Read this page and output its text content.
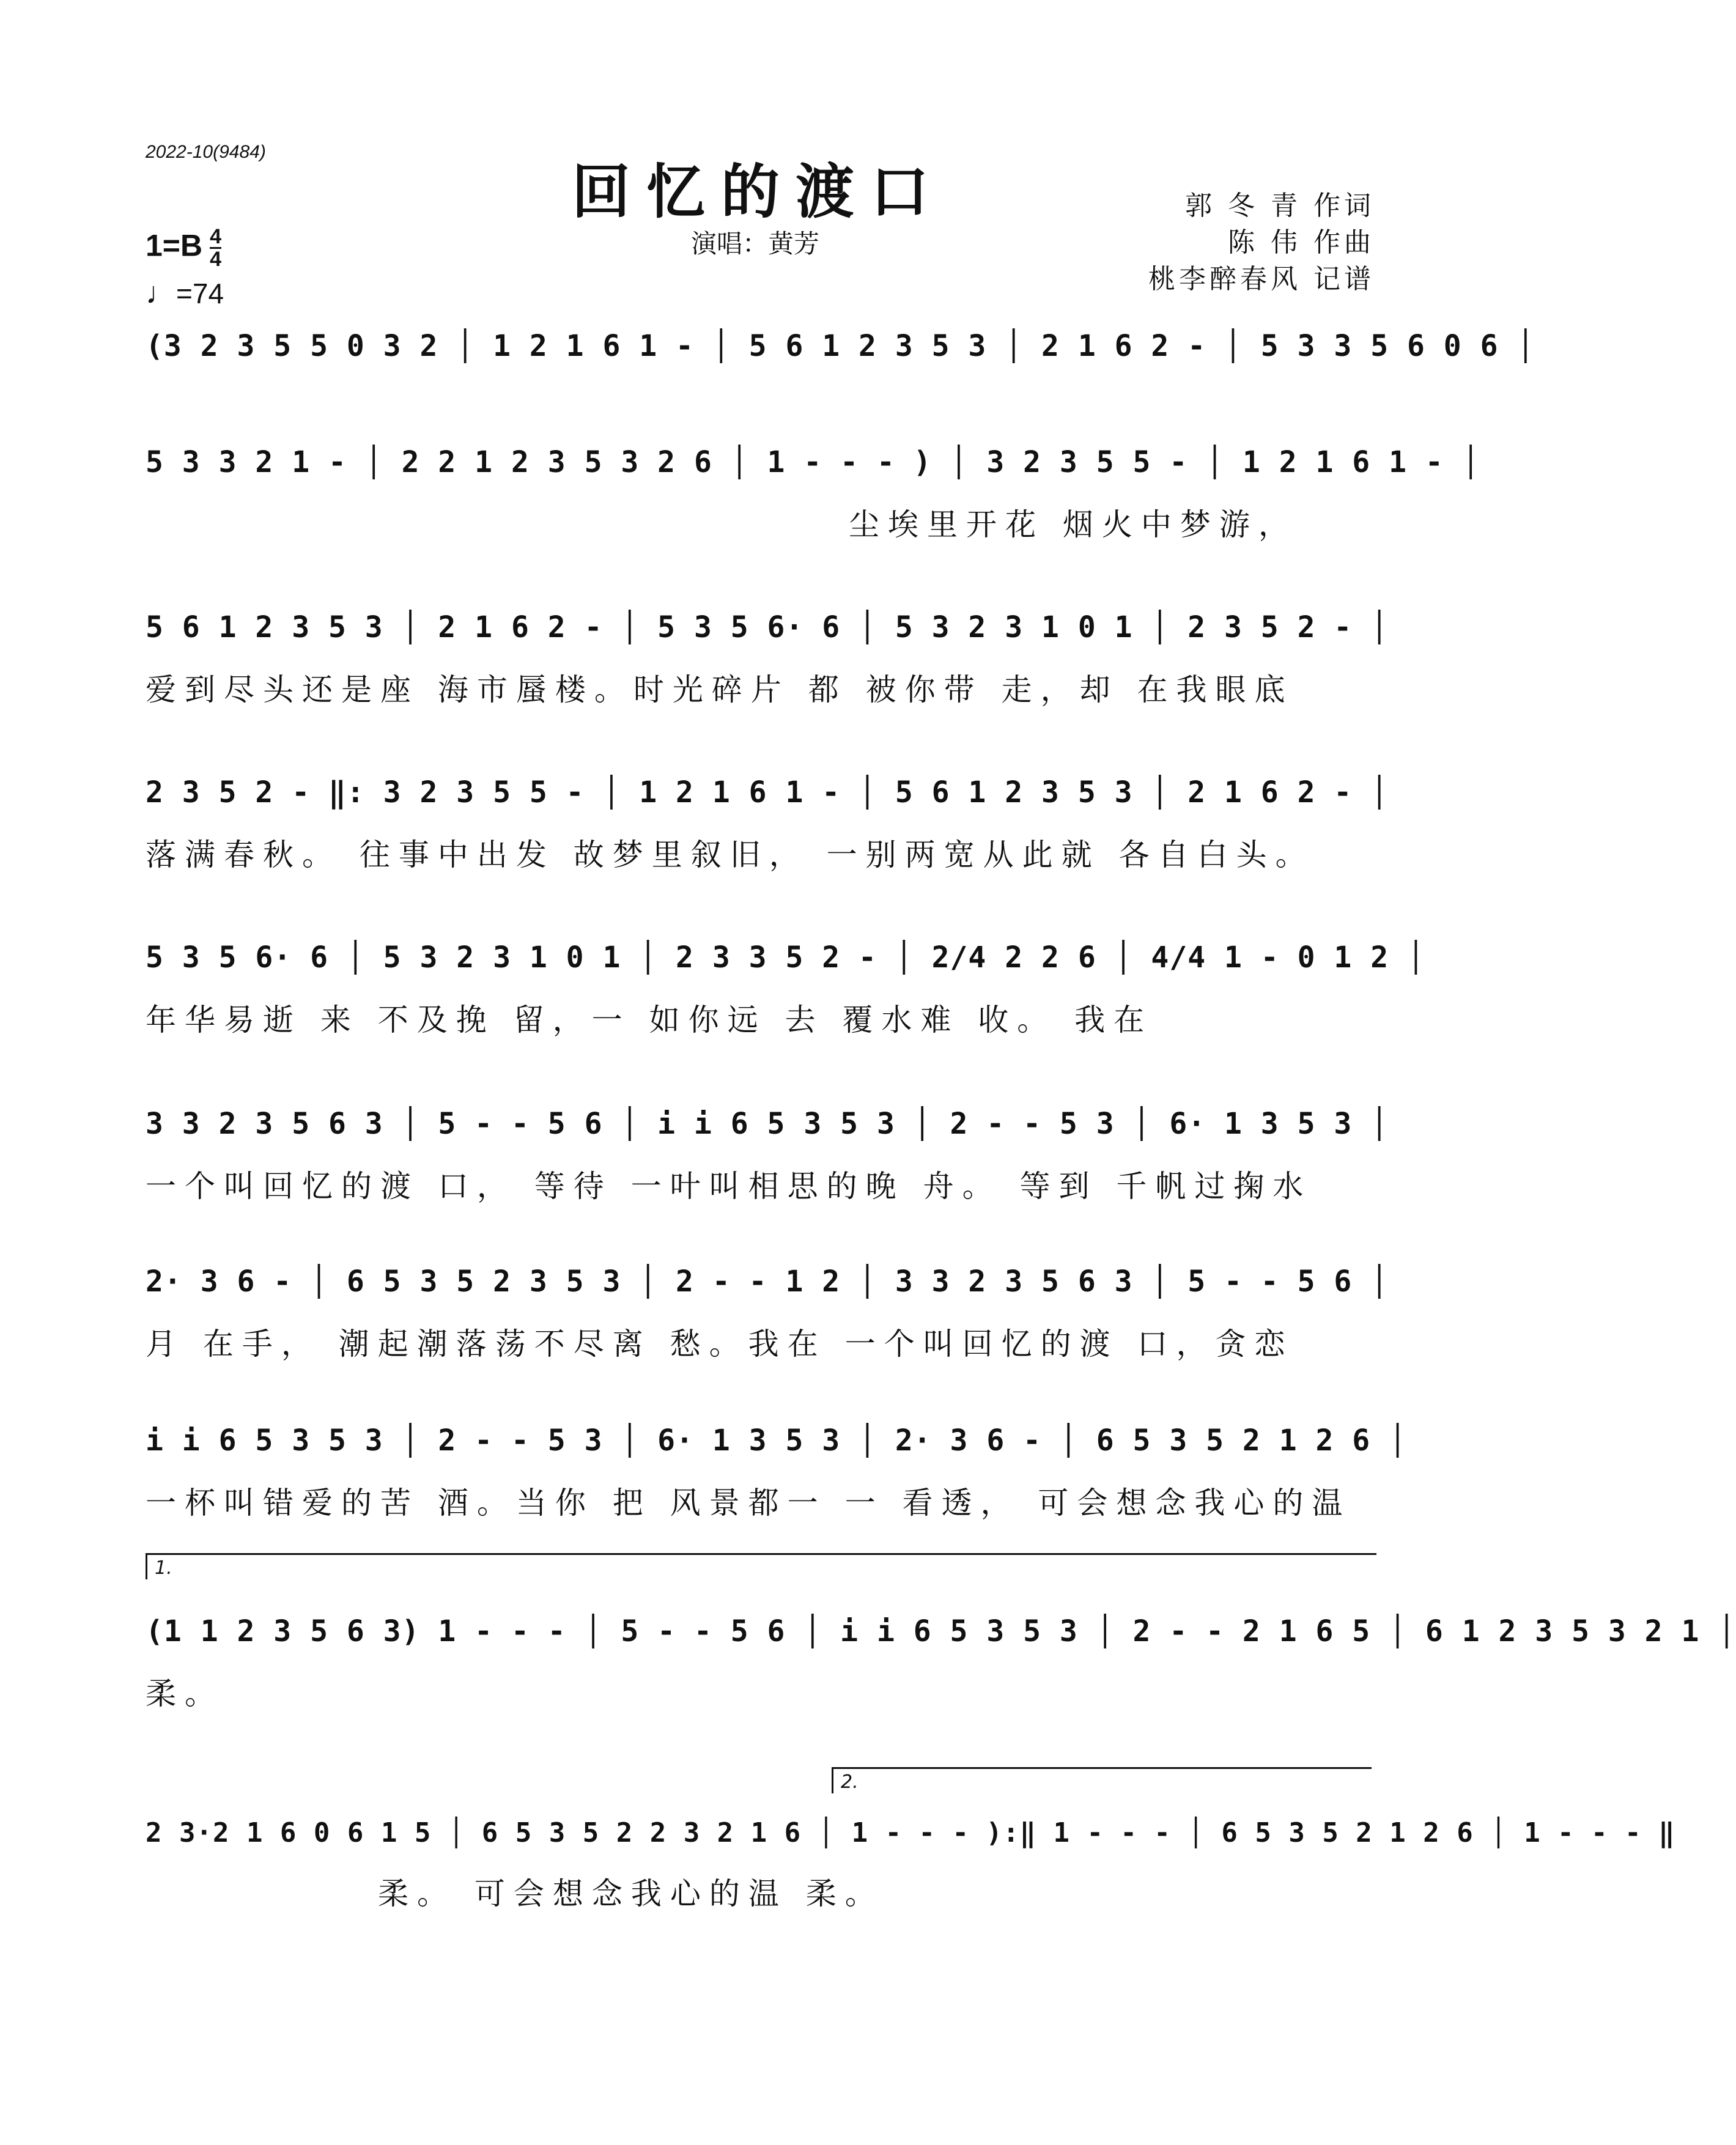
2022-10(9484)
回忆的渡口
演唱：黄芳
$1=B \frac{4}{4}$
♩=74
郭 冬 青 作词
陈 伟 作曲
桃李醉春风 记谱
(3 2 3 5 5 0 3 2 │ 1 2 1 6 1 - │ 5 6 1 2 3 5 3 │ 2 1 6 2 - │ 5 3 3 5 6 0 6 │
5 3 3 2 1 - │ 2 2 1 2 3 5 3 2 6 │ 1 - - - ) │ 3 2 3 5 5 - │ 1 2 1 6 1 - │
尘埃里开花 烟火中梦游，
5 6 1 2 3 5 3 │ 2 1 6 2 - │ 5 3 5 6· 6 │ 5 3 2 3 1 0 1 │ 2 3 5 2 - │
爱到尽头还是座 海市蜃楼。时光碎片 都 被你带 走，却 在我眼底
2 3 5 2 - ‖: 3 2 3 5 5 - │ 1 2 1 6 1 - │ 5 6 1 2 3 5 3 │ 2 1 6 2 - │
落满春秋。 往事中出发 故梦里叙旧， 一别两宽从此就 各自白头。
5 3 5 6· 6 │ 5 3 2 3 1 0 1 │ 2 3 3 5 2 - │ 2/4 2 2 6 │ 4/4 1 - 0 1 2 │
年华易逝 来 不及挽 留，一 如你远 去 覆水难 收。 我在
3 3 2 3 5 6 3 │ 5 - - 5 6 │ i i 6 5 3 5 3 │ 2 - - 5 3 │ 6· 1 3 5 3 │
一个叫回忆的渡 口， 等待 一叶叫相思的晚 舟。 等到 千帆过掬水
2· 3 6 - │ 6 5 3 5 2 3 5 3 │ 2 - - 1 2 │ 3 3 2 3 5 6 3 │ 5 - - 5 6 │
月 在手， 潮起潮落荡不尽离 愁。我在 一个叫回忆的渡 口，贪恋
i i 6 5 3 5 3 │ 2 - - 5 3 │ 6· 1 3 5 3 │ 2· 3 6 - │ 6 5 3 5 2 1 2 6 │
一杯叫错爱的苦 酒。当你 把 风景都一 一 看透， 可会想念我心的温
1.
(1 1 2 3 5 6 3) 1 - - - │ 5 - - 5 6 │ i i 6 5 3 5 3 │ 2 - - 2 1 6 5 │ 6 1 2 3 5 3 2 1 │
柔。
2.
2 3·2 1 6 0 6 1 5 │ 6 5 3 5 2 2 3 2 1 6 │ 1 - - - ):‖ 1 - - - │ 6 5 3 5 2 1 2 6 │ 1 - - - ‖
柔。 可会想念我心的温 柔。
